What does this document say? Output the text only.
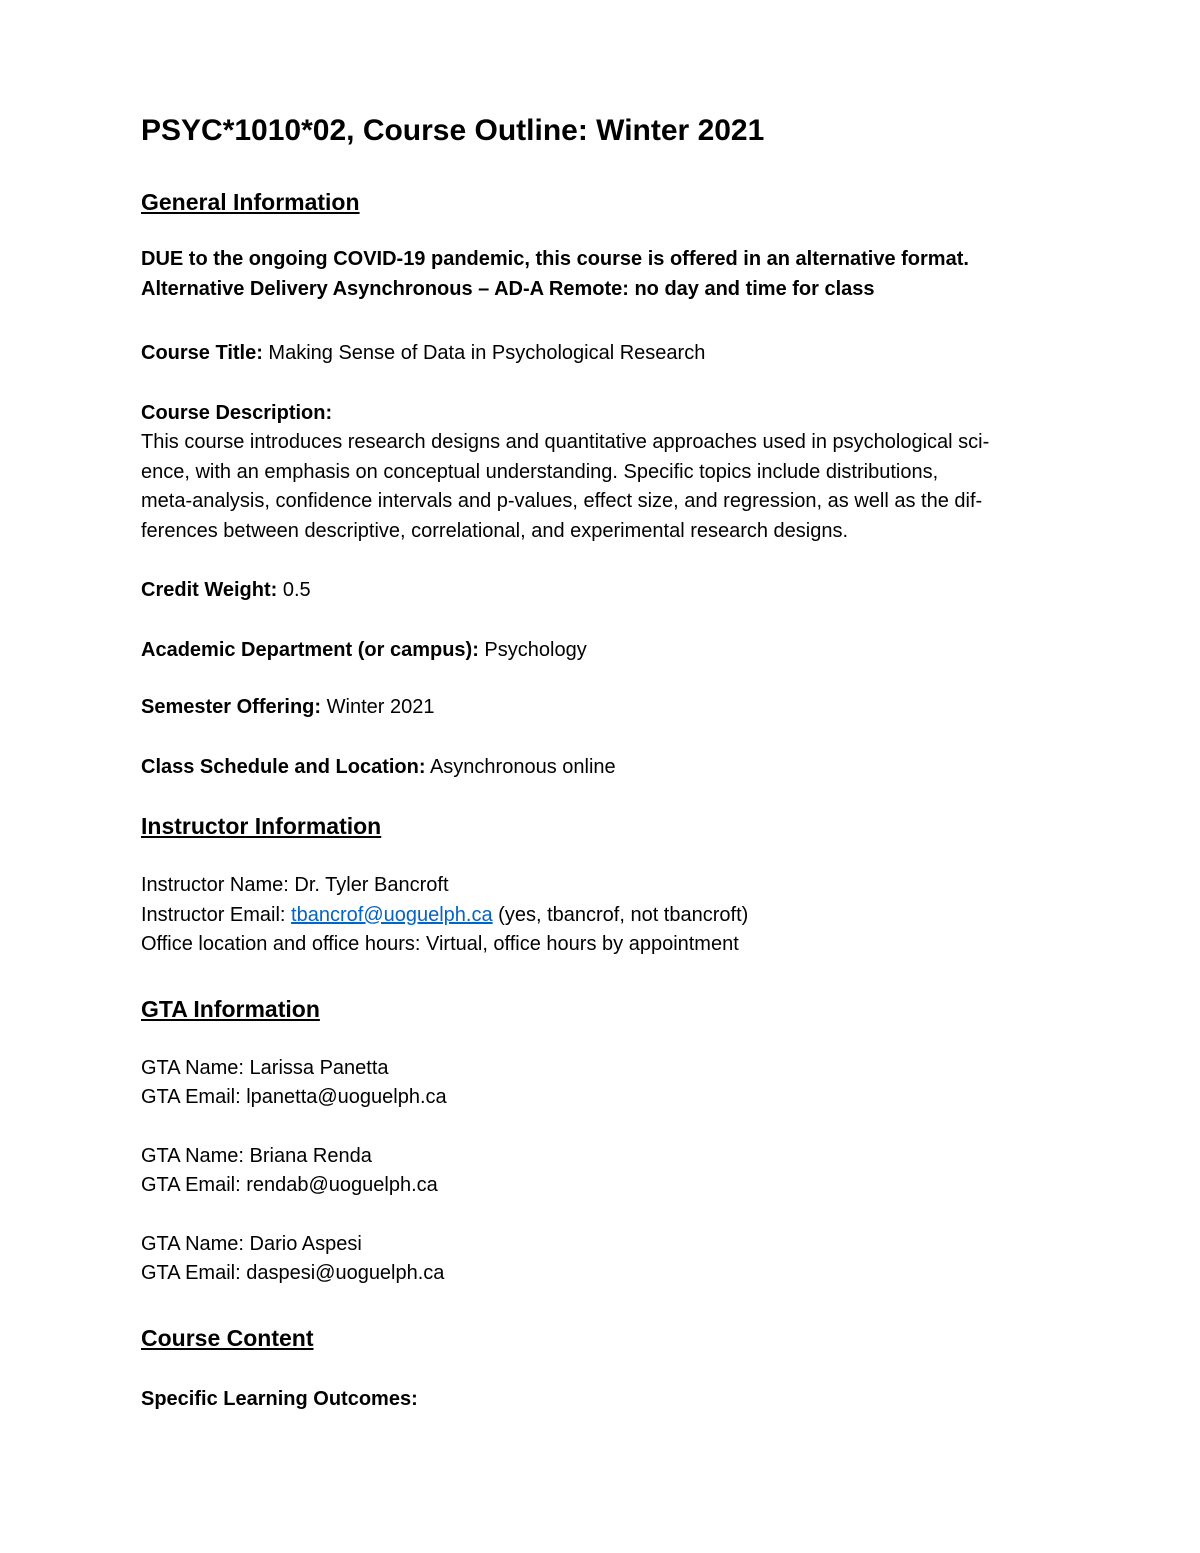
PSYC*1010*02, Course Outline: Winter 2021
General Information

DUE to the ongoing COVID-19 pandemic, this course is offered in an alternative format.

Alternative Delivery Asynchronous – AD-A Remote: no day and time for class

Course Title: Making Sense of Data in Psychological Research

Course Description:

This course introduces research designs and quantitative approaches used in psychological sci-

ence, with an emphasis on conceptual understanding. Specific topics include distributions,

meta-analysis, confidence intervals and p-values, effect size, and regression, as well as the dif-

ferences between descriptive, correlational, and experimental research designs.

Credit Weight: 0.5

Academic Department (or campus): Psychology

Semester Offering: Winter 2021

Class Schedule and Location: Asynchronous online

Instructor Information

Instructor Name: Dr. Tyler Bancroft

Instructor Email: tbancrof@uoguelph.ca (yes, tbancrof, not tbancroft)

Office location and office hours: Virtual, office hours by appointment

GTA Information

GTA Name: Larissa Panetta

GTA Email: lpanetta@uoguelph.ca

GTA Name: Briana Renda

GTA Email: rendab@uoguelph.ca

GTA Name: Dario Aspesi

GTA Email: daspesi@uoguelph.ca

Course Content

Specific Learning Outcomes:
